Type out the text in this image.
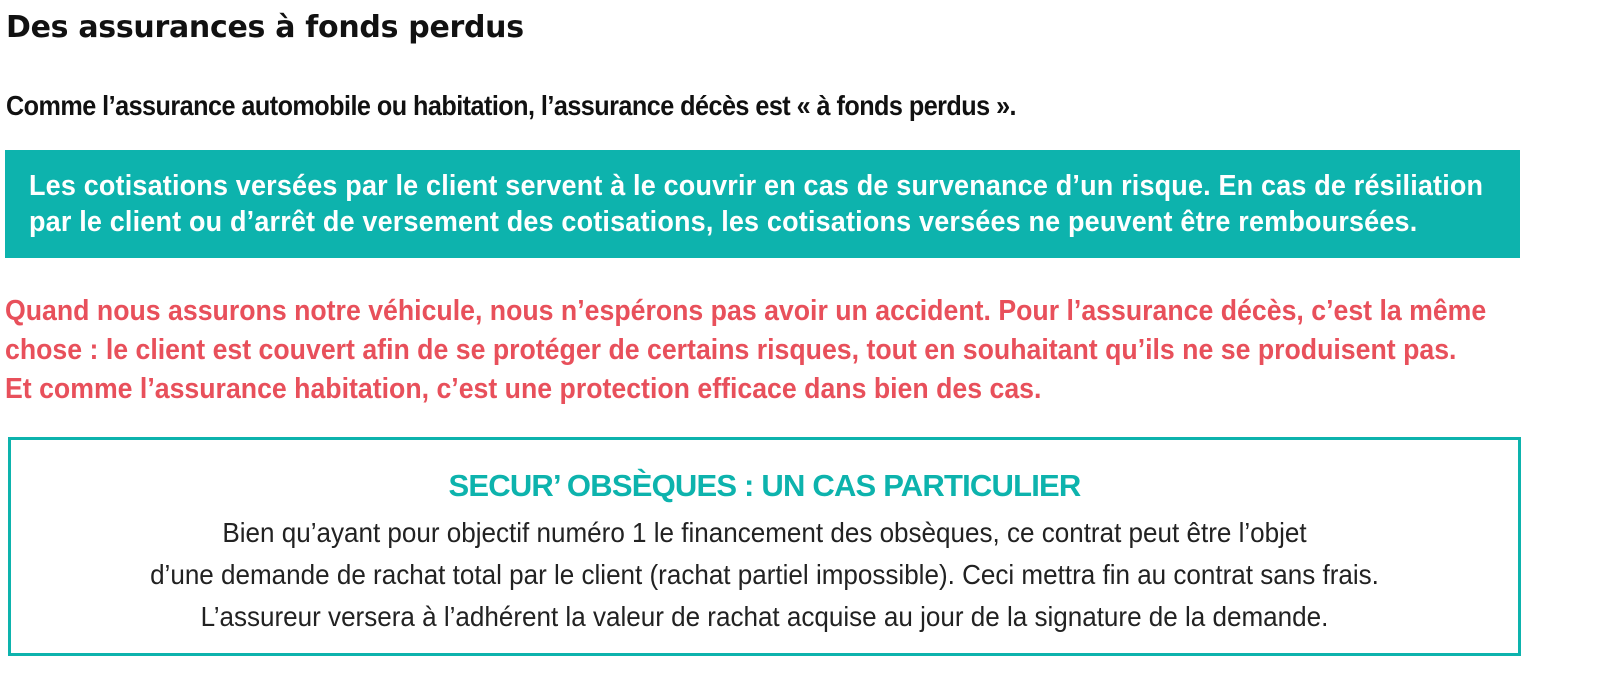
Des assurances à fonds perdus

Comme l’assurance automobile ou habitation, l’assurance décès est « à fonds perdus ».

Les cotisations versées par le client servent à le couvrir en cas de survenance d’un risque. En cas de résiliation

par le client ou d’arrêt de versement des cotisations, les cotisations versées ne peuvent être remboursées.

Quand nous assurons notre véhicule, nous n’espérons pas avoir un accident. Pour l’assurance décès, c’est la même
chose : le client est couvert afin de se protéger de certains risques, tout en souhaitant qu’ils ne se produisent pas.
Et comme l’assurance habitation, c’est une protection efficace dans bien des cas.
SECUR’ OBSÈQUES : UN CAS PARTICULIER
Bien qu’ayant pour objectif numéro 1 le financement des obsèques, ce contrat peut être l’objet
d’une demande de rachat total par le client (rachat partiel impossible). Ceci mettra fin au contrat sans frais.
L’assureur versera à l’adhérent la valeur de rachat acquise au jour de la signature de la demande.
